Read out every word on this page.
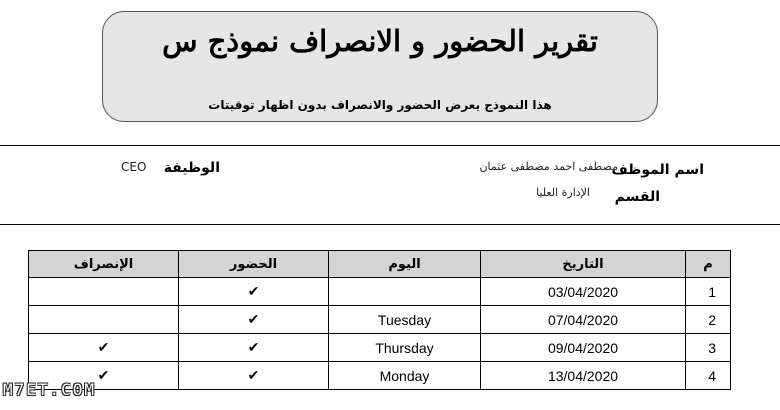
تقرير الحضور و الانصراف نموذج س
هذا النموذج يعرض الحضور والانصراف بدون اظهار توقيتات
اسم الموظف
مصطفى احمد مصطفى عثمان
القسم
الإدارة العليا
الوظيفة
CEO
م	التاريخ	اليوم	الحضور	الإنصراف
1	03/04/2020		✔	
2	07/04/2020	Tuesday	✔	
3	09/04/2020	Thursday	✔	✔
4	13/04/2020	Monday	✔	✔
M7ET.COM
